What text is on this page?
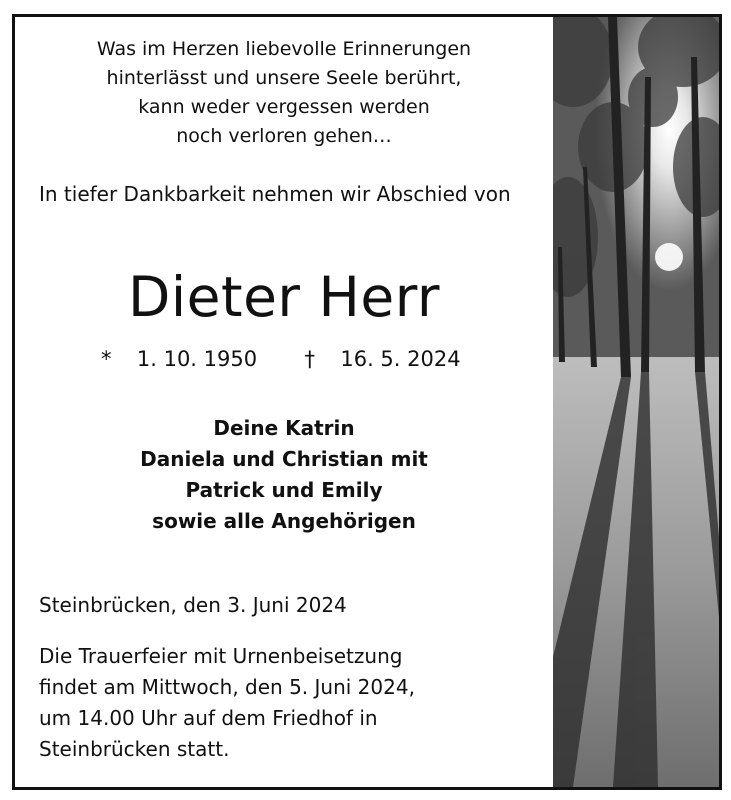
Was im Herzen liebevolle Erinnerungen
hinterlässt und unsere Seele berührt,
kann weder vergessen werden
noch verloren gehen…
In tiefer Dankbarkeit nehmen wir Abschied von
Dieter Herr
* 1. 10. 1950 † 16. 5. 2024
Deine Katrin
Daniela und Christian mit
Patrick und Emily
sowie alle Angehörigen
Steinbrücken, den 3. Juni 2024
Die Trauerfeier mit Urnenbeisetzung
findet am Mittwoch, den 5. Juni 2024,
um 14.00 Uhr auf dem Friedhof in
Steinbrücken statt.
